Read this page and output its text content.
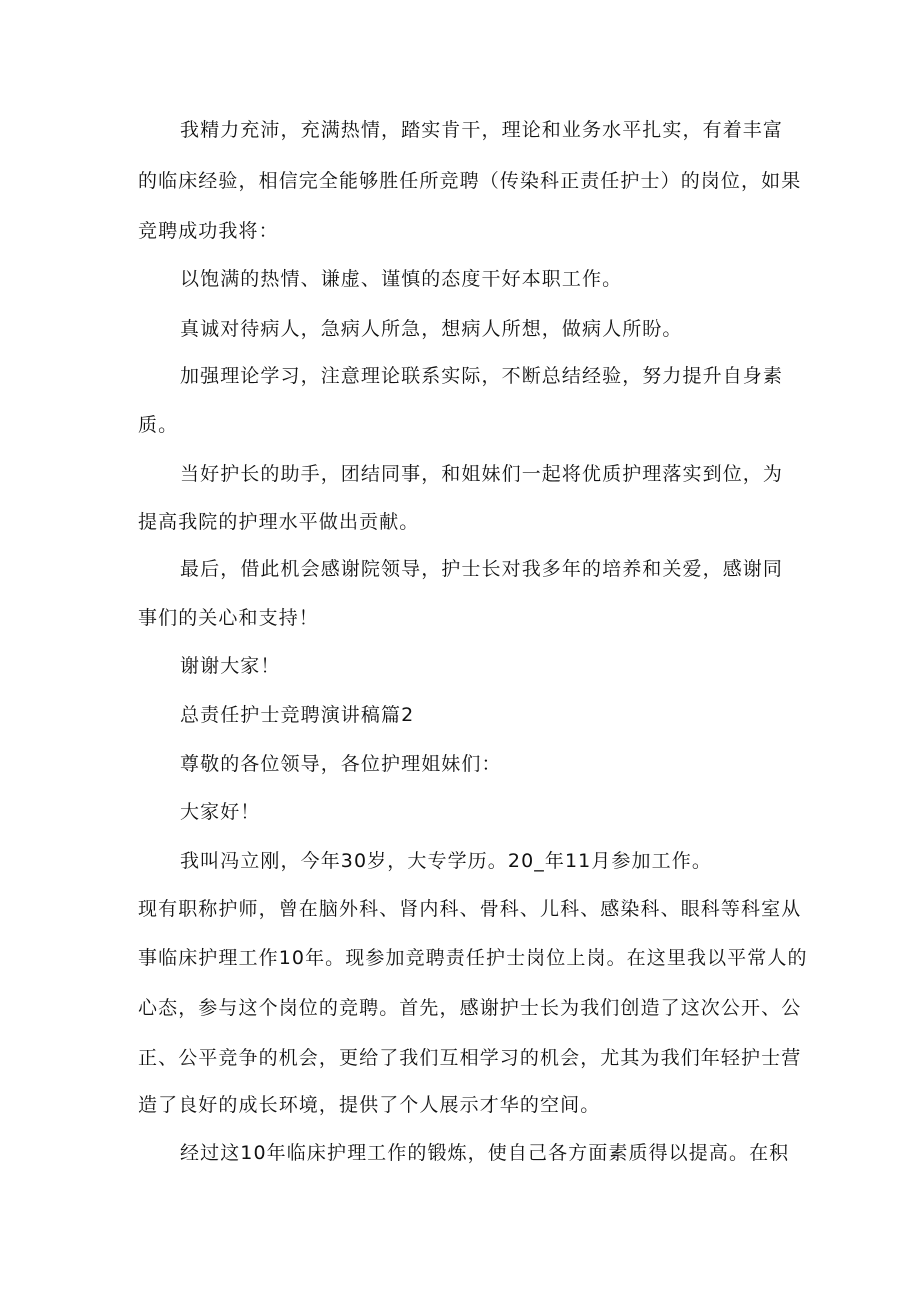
我精力充沛，充满热情，踏实肯干，理论和业务水平扎实，有着丰富
的临床经验，相信完全能够胜任所竞聘（传染科正责任护士）的岗位，如果
竞聘成功我将：
以饱满的热情、谦虚、谨慎的态度干好本职工作。
真诚对待病人，急病人所急，想病人所想，做病人所盼。
加强理论学习，注意理论联系实际，不断总结经验，努力提升自身素
质。
当好护长的助手，团结同事，和姐妹们一起将优质护理落实到位，为
提高我院的护理水平做出贡献。
最后，借此机会感谢院领导，护士长对我多年的培养和关爱，感谢同
事们的关心和支持！
谢谢大家！
总责任护士竞聘演讲稿篇2
尊敬的各位领导，各位护理姐妹们：
大家好！
我叫冯立刚，今年30岁，大专学历。20_年11月参加工作。
现有职称护师，曾在脑外科、肾内科、骨科、儿科、感染科、眼科等科室从
事临床护理工作10年。现参加竞聘责任护士岗位上岗。在这里我以平常人的
心态，参与这个岗位的竞聘。首先，感谢护士长为我们创造了这次公开、公
正、公平竞争的机会，更给了我们互相学习的机会，尤其为我们年轻护士营
造了良好的成长环境，提供了个人展示才华的空间。
经过这10年临床护理工作的锻炼，使自己各方面素质得以提高。在积
